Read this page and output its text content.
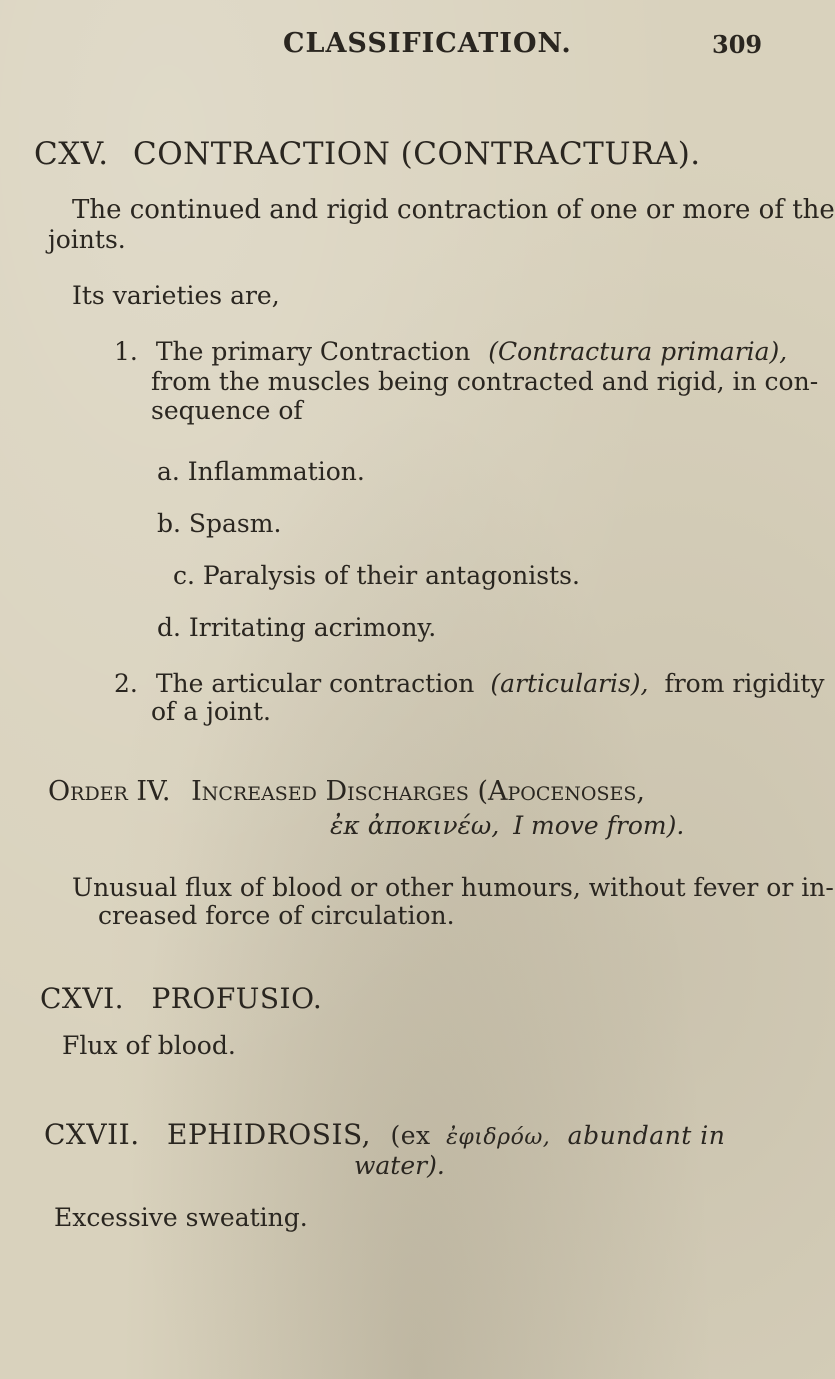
CLASSIFICATION.	309
CXV. CONTRACTION (CONTRACTURA).
The continued and rigid contraction of one or more of the
joints.
Its varieties are,
1. The primary Contraction (Contractura primaria),
from the muscles being contracted and rigid, in con-
sequence of
a. Inflammation.
b. Spasm.
c. Paralysis of their antagonists.
d. Irritating acrimony.
2. The articular contraction (articularis), from rigidity
of a joint.
Order IV. Increased Discharges (Apocenoses,
ἐκ ἀποκινέω, I move from).
Unusual flux of blood or other humours, without fever or in-
creased force of circulation.
CXVI. PROFUSIO.
Flux of blood.
CXVII. EPHIDROSIS, (ex ἐφιδρόω, abundant in
water).
Excessive sweating.
